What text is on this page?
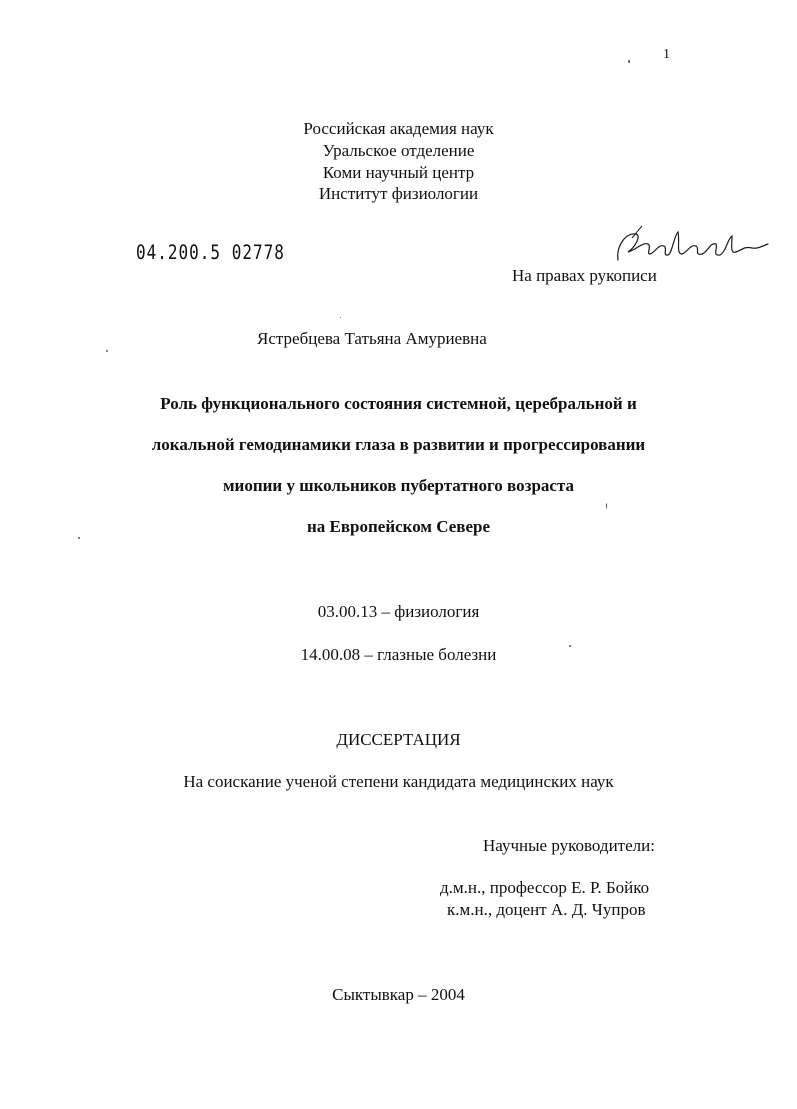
1
Российская академия наук
Уральское отделение
Коми научный центр
Институт физиологии
04.200.5 02778
На правах рукописи
Ястребцева Татьяна Амуриевна
Роль функционального состояния системной, церебральной и
локальной гемодинамики глаза в развитии и прогрессировании
миопии у школьников пубертатного возраста
на Европейском Севере
03.00.13 – физиология
14.00.08 – глазные болезни
ДИССЕРТАЦИЯ
На соискание ученой степени кандидата медицинских наук
Научные руководители:
д.м.н., профессор Е. Р. Бойко
к.м.н., доцент А. Д. Чупров
Сыктывкар – 2004
